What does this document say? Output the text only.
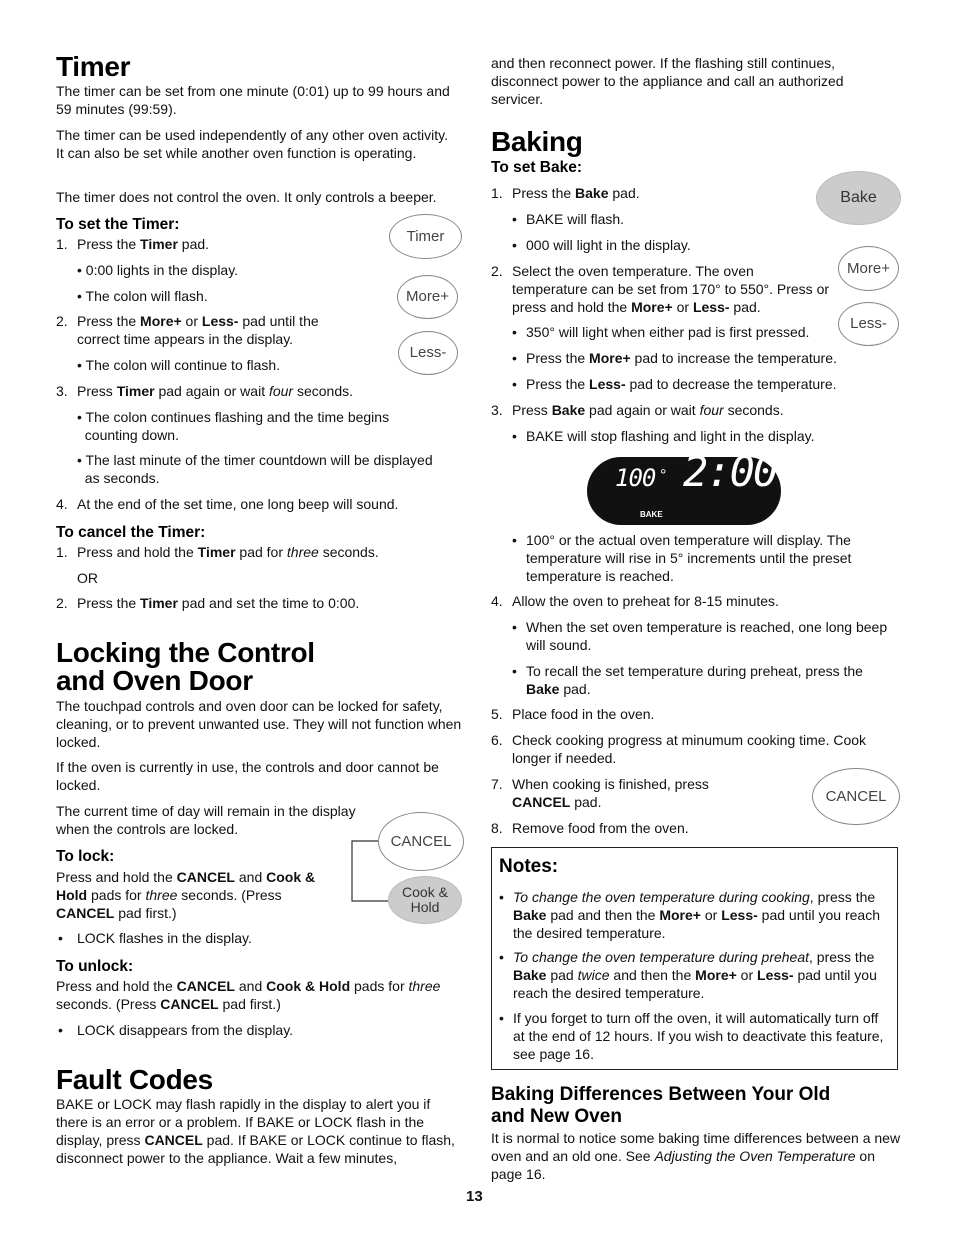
Timer
The timer can be set from one minute (0:01) up to 99 hours and 59 minutes (99:59).
The timer can be used independently of any other oven activity. It can also be set while another oven function is operating.
The timer does not control the oven. It only controls a beeper.
To set the Timer:
1. Press the Timer pad.
• 0:00 lights in the display.
• The colon will flash.
2. Press the More+ or Less- pad until the correct time appears in the display.
• The colon will continue to flash.
3. Press Timer pad again or wait four seconds.
• The colon continues flashing and the time begins
counting down.
• The last minute of the timer countdown will be displayed
as seconds.
4. At the end of the set time, one long beep will sound.
To cancel the Timer:
1. Press and hold the Timer pad for three seconds.
OR
2. Press the Timer pad and set the time to 0:00.
Locking the Control
and Oven Door
The touchpad controls and oven door can be locked for safety, cleaning, or to prevent unwanted use. They will not function when locked.
If the oven is currently in use, the controls and door cannot be locked.
The current time of day will remain in the display when the controls are locked.
To lock:
Press and hold the CANCEL and Cook & Hold pads for three seconds. (Press CANCEL pad first.)
• LOCK flashes in the display.
To unlock:
Press and hold the CANCEL and Cook & Hold pads for three seconds. (Press CANCEL pad first.)
• LOCK disappears from the display.
Fault Codes
BAKE or LOCK may flash rapidly in the display to alert you if there is an error or a problem. If BAKE or LOCK flash in the display, press CANCEL pad. If BAKE or LOCK continue to flash, disconnect power to the appliance. Wait a few minutes,
Timer
More+
Less-
CANCEL
Cook &
Hold
and then reconnect power. If the flashing still continues, disconnect power to the appliance and call an authorized servicer.
Baking
To set Bake:
1. Press the Bake pad.
• BAKE will flash.
• 000 will light in the display.
2. Select the oven temperature. The oven temperature can be set from 170° to 550°. Press or press and hold the More+ or Less- pad.
• 350° will light when either pad is first pressed.
• Press the More+ pad to increase the temperature.
• Press the Less- pad to decrease the temperature.
3. Press Bake pad again or wait four seconds.
• BAKE will stop flashing and light in the display.
• 100° or the actual oven temperature will display. The temperature will rise in 5° increments until the preset temperature is reached.
4. Allow the oven to preheat for 8-15 minutes.
• When the set oven temperature is reached, one long beep will sound.
• To recall the set temperature during preheat, press the Bake pad.
5. Place food in the oven.
6. Check cooking progress at minumum cooking time. Cook longer if needed.
7. When cooking is finished, press CANCEL pad.
8. Remove food from the oven.
Baking Differences Between Your Old
and New Oven
It is normal to notice some baking time differences between a new oven and an old one. See Adjusting the Oven Temperature on page 16.
Bake
More+
Less-
CANCEL
100 ° 2:00
BAKE
Notes:
• To change the oven temperature during cooking, press the Bake pad and then the More+ or Less- pad until you reach the desired temperature.
• To change the oven temperature during preheat, press the Bake pad twice and then the More+ or Less- pad until you reach the desired temperature.
• If you forget to turn off the oven, it will automatically turn off at the end of 12 hours. If you wish to deactivate this feature, see page 16.
13
